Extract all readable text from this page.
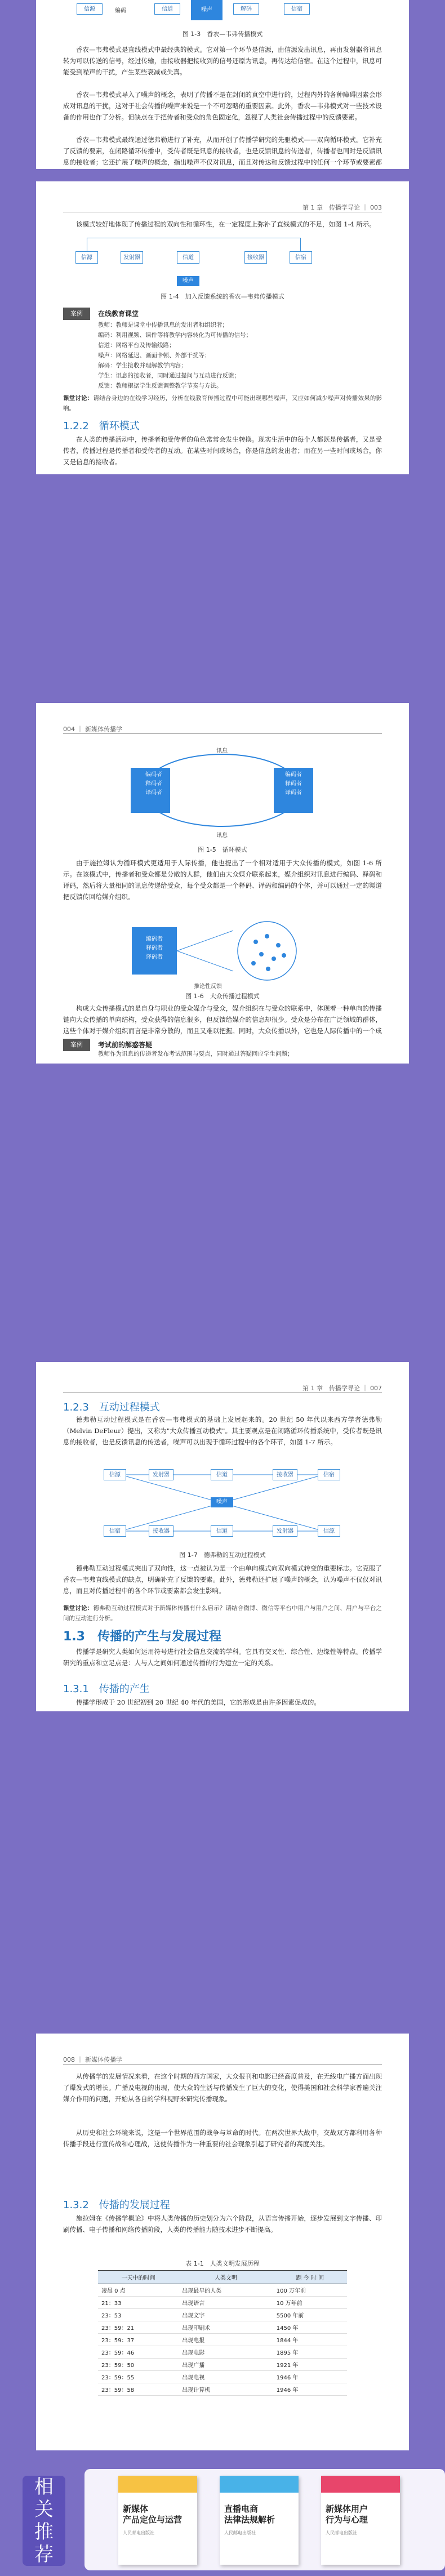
信源	编码	信道	噪声	解码	信宿
图 1-3　香农—韦弗传播模式
香农—韦弗模式是直线模式中最经典的模式。它对第一个环节是信源，由信源发出讯息，再由发射器将讯息转为可以传送的信号，经过传输，由接收器把接收到的信号还原为讯息，再传达给信宿。在这个过程中，讯息可能受到噪声的干扰，产生某些衰减或失真。
香农—韦弗模式导入了噪声的概念，表明了传播不是在封闭的真空中进行的，过程内外的各种障碍因素会形成对讯息的干扰，这对于社会传播的噪声来说是一个不可忽略的重要因素。此外，香农—韦弗模式对一些技术设备的作用也作了分析。但缺点在于把传者和受众的角色固定化，忽视了人类社会传播过程中的反馈要素。
香农—韦弗模式最终通过德弗勒进行了补充，从而开创了传播学研究的先驱模式——双向循环模式。它补充了反馈的要素，在闭路循环传播中，受传者既是讯息的接收者，也是反馈讯息的传送者，传播者也同时是反馈讯息的接收者；它还扩展了噪声的概念，指出噪声不仅对讯息，而且对传达和反馈过程中的任何一个环节或要素都
第 1 章　传播学导论 ｜ 003
该模式较好地体现了传播过程的双向性和循环性，在一定程度上弥补了直线模式的不足，如图 1-4 所示。
信源	发射器	信道
噪声
接收器	信宿
图 1-4　加入反馈系统的香农—韦弗传播模式
案例	在线教育课堂
教师：教师是课堂中传播讯息的发出者和组织者；
编码：利用视频、课件等将教学内容转化为可传播的信号；
信道：网络平台及传输线路；
噪声：网络延迟、画面卡顿、外部干扰等；
解码：学生接收并理解教学内容；
学生：讯息的接收者，同时通过提问与互动进行反馈；
反馈：教师根据学生反馈调整教学节奏与方法。
课堂讨论：请结合身边的在线学习经历，分析在线教育传播过程中可能出现哪些噪声，又应如何减少噪声对传播效果的影响。
1.2.2　循环模式
在人类的传播活动中，传播者和受传者的角色常常会发生转换。现实生活中的每个人都既是传播者，又是受传者，传播过程是传播者和受传者的互动。在某些时间或场合，你是信息的发出者；而在另一些时间或场合，你又是信息的接收者。
004 ｜ 新媒体传播学
讯息
讯息
编码者
释码者
译码者
编码者
释码者
译码者
图 1-5　循环模式
由于施拉姆认为循环模式更适用于人际传播，他也提出了一个相对适用于大众传播的模式，如图 1-6 所示。在该模式中，传播者和受众都是分散的人群，他们由大众媒介联系起来，媒介组织对讯息进行编码、释码和译码，然后将大量相同的讯息传递给受众，每个受众都是一个释码、译码和编码的个体，并可以通过一定的渠道把反馈传回给媒介组织。
编码者
释码者
译码者
推论性反馈
图 1-6　大众传播过程模式
构成大众传播模式的是自身与职业的受众媒介与受众，媒介组织在与受众的联系中，体现着一种单向的传播链向大众传播的单向结构，受众获得的信息很多，但反馈给媒介的信息却很少。受众是分布在广泛领域的群体，这些个体对于媒介组织而言是非常分散的，而且又难以把握。同时，大众传播以外，它也是人际传播中的一个成
案例	考试前的解惑答疑
教师作为讯息的传递者发布考试范围与要点，同时通过答疑回应学生问题；
第 1 章　传播学导论 ｜ 007
1.2.3　互动过程模式
德弗勒互动过程模式是在香农—韦弗模式的基础上发展起来的。20 世纪 50 年代以来西方学者德弗勒（Melvin DeFleur）提出，又称为"大众传播互动模式"。其主要观点是在闭路循环传播系统中，受传者既是讯息的接收者，也是反馈讯息的传送者，噪声可以出现于循环过程中的各个环节，如图 1-7 所示。
信源	发射器	信道	接收器	信宿
噪声
信宿	接收器	信道	发射器	信源
图 1-7　德弗勒的互动过程模式
德弗勒互动过程模式突出了双向性，这一点被认为是一个由单向模式向双向模式转变的重要标志。它克服了香农—韦弗直线模式的缺点，明确补充了反馈的要素。此外，德弗勒还扩展了噪声的概念，认为噪声不仅仅对讯息，而且对传播过程中的各个环节或要素都会发生影响。
课堂讨论：德弗勒互动过程模式对于新媒体传播有什么启示？请结合微博、微信等平台中用户与用户之间、用户与平台之间的互动进行分析。
1.3　传播的产生与发展过程
传播学是研究人类如何运用符号进行社会信息交流的学科。它具有交叉性、综合性、边缘性等特点。传播学研究的重点和立足点是：人与人之间如何通过传播的行为建立一定的关系。
1.3.1　传播的产生
传播学形成于 20 世纪初到 20 世纪 40 年代的美国，它的形成是由许多因素促成的。
008 ｜ 新媒体传播学
从传播学的发展情况来看，在这个时期的西方国家，大众报刊和电影已经高度普及，在无线电广播方面出现了爆发式的增长。广播及电视的出现，使大众的生活与传播发生了巨大的变化，使得美国和社会科学家普遍关注媒介作用的问题，开始从各自的学科视野来研究传播现象。
从历史和社会环境来说，这是一个世界范围的战争与革命的时代。在两次世界大战中，交战双方都利用各种传播手段进行宣传战和心理战，这使传播作为一种重要的社会现象引起了研究者的高度关注。
1.3.2　传播的发展过程
施拉姆在《传播学概论》中将人类传播的历史划分为六个阶段，从语言传播开始，逐步发展到文字传播、印刷传播、电子传播和网络传播阶段，人类的传播能力随技术进步不断提高。
表 1-1　人类文明发展历程
一天中的时间	人类文明	距 今 时 间
凌晨 0 点	出现最早的人类	100 万年前
21：33	出现语言	10 万年前
23：53	出现文字	5500 年前
23：59：21	出现印刷术	1450 年
23：59：37	出现电报	1844 年
23：59：46	出现电影	1895 年
23：59：50	出现广播	1921 年
23：59：55	出现电视	1946 年
23：59：58	出现计算机	1946 年
相
关
推
荐
新媒体
产品定位与运营
人民邮电出版社
直播电商
法律法规解析
人民邮电出版社
新媒体用户
行为与心理
人民邮电出版社
